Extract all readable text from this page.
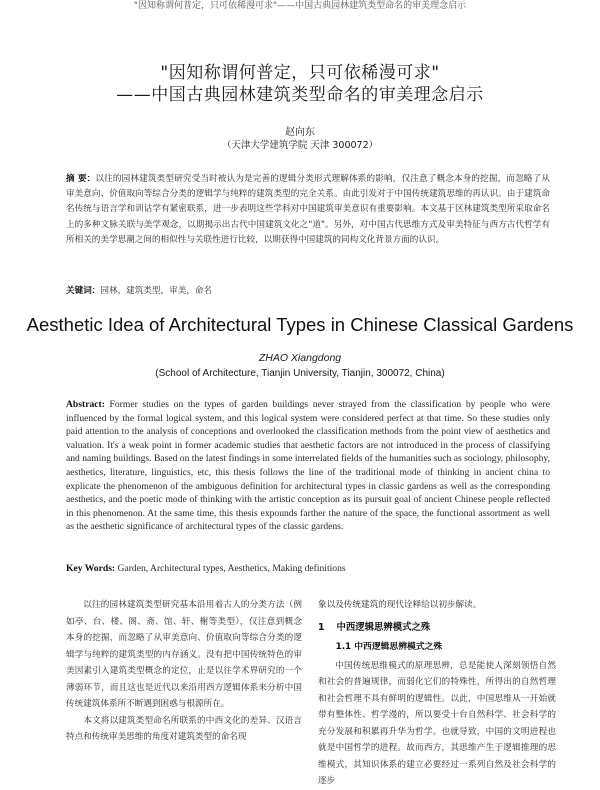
"因知称谓何普定，只可依稀漫可求"——中国古典园林建筑类型命名的审美理念启示
"因知称谓何普定，只可依稀漫可求"
——中国古典园林建筑类型命名的审美理念启示
赵向东
（天津大学建筑学院 天津 300072）
摘 要：以往的园林建筑类型研究受当时被认为是完善的逻辑分类形式理解体系的影响，仅注意了概念本身的挖掘，而忽略了从审美意向、价值取向等综合分类的逻辑学与纯粹的建筑类型的完全关系。由此引发对于中国传统建筑思维的再认识。由于建筑命名传统与语言学和训诂学有紧密联系，进一步表明这些学科对中国建筑审美意识有重要影响。本文基于区林建筑类型所采取命名上的多种文脉关联与美学观念，以期揭示出古代中国建筑文化之"道"。另外，对中国古代思维方式及审美特征与西方古代哲学有所相关的美学思潮之间的相似性与关联性进行比较，以期获得中国建筑的同构文化背景方面的认识。
关键词：园林，建筑类型，审美，命名
Aesthetic Idea of Architectural Types in Chinese Classical Gardens
ZHAO Xiangdong
(School of Architecture, Tianjin University, Tianjin, 300072, China)
Abstract: Former studies on the types of garden buildings never strayed from the classification by people who were influenced by the formal logical system, and this logical system were considered perfect at that time. So these studies only paid attention to the analysis of conceptions and overlooked the classification methods from the point view of aesthetics and valuation. It's a weak point in former academic studies that aesthetic factors are not introduced in the process of classifying and naming buildings. Based on the latest findings in some interrelated fields of the humanities such as sociology, philosophy, aesthetics, literature, linguistics, etc, this thesis follows the line of the traditional mode of thinking in ancient china to explicate the phenomenon of the ambiguous definition for architectural types in classic gardens as well as the corresponding aesthetics, and the poetic mode of thinking with the artistic conception as its pursuit goal of ancient Chinese people reflected in this phenomenon. At the same time, this thesis expounds farther the nature of the space, the functional assortment as well as the aesthetic significance of architectural types of the classic gardens.
Key Words: Garden, Architectural types, Aesthetics, Making definitions

以往的园林建筑类型研究基本沿用着古人的分类方法（例如亭、台、楼、阁、斋、馆、轩、榭等类型），仅注意到概念本身的挖掘，而忽略了从审美意向、价值取向等综合分类的逻辑学与纯粹的建筑类型的内存涵义。没有把中国传统特色的审美因素引入建筑类型概念的定位，止是以往学术界研究的一个薄弱环节，而且这也是近代以来沿用西方逻辑体系来分析中国传统建筑体系所不断遇到困惑与根源所在。

本文将以建筑类型命名所联系的中西文化的差异、汉语言特点和传统审美思维的角度对建筑类型的命名现

象以及传统建筑的现代诠释给以初步解读。

1 中西逻辑思辨模式之殊
1.1 中西逻辑思辨模式之殊

中国传统思维模式的原理思辨，总是能使人深刻领悟自然和社会的普遍规律，而弱化它们的特殊性，所得出的自然哲理和社会哲理不具有鲜明的逻辑性。以此，中国思维从一开始就带有整体性、哲学漫的，所以要受十台自然科学、社会科学的充分发展和积累再升华为哲学。也就导致，中国的文明进程也就是中国哲学的进程。故而西方，其思维产生于逻辑推理的思维模式，其知识体系的建立必要经过一系列自然及社会科学的逐步
